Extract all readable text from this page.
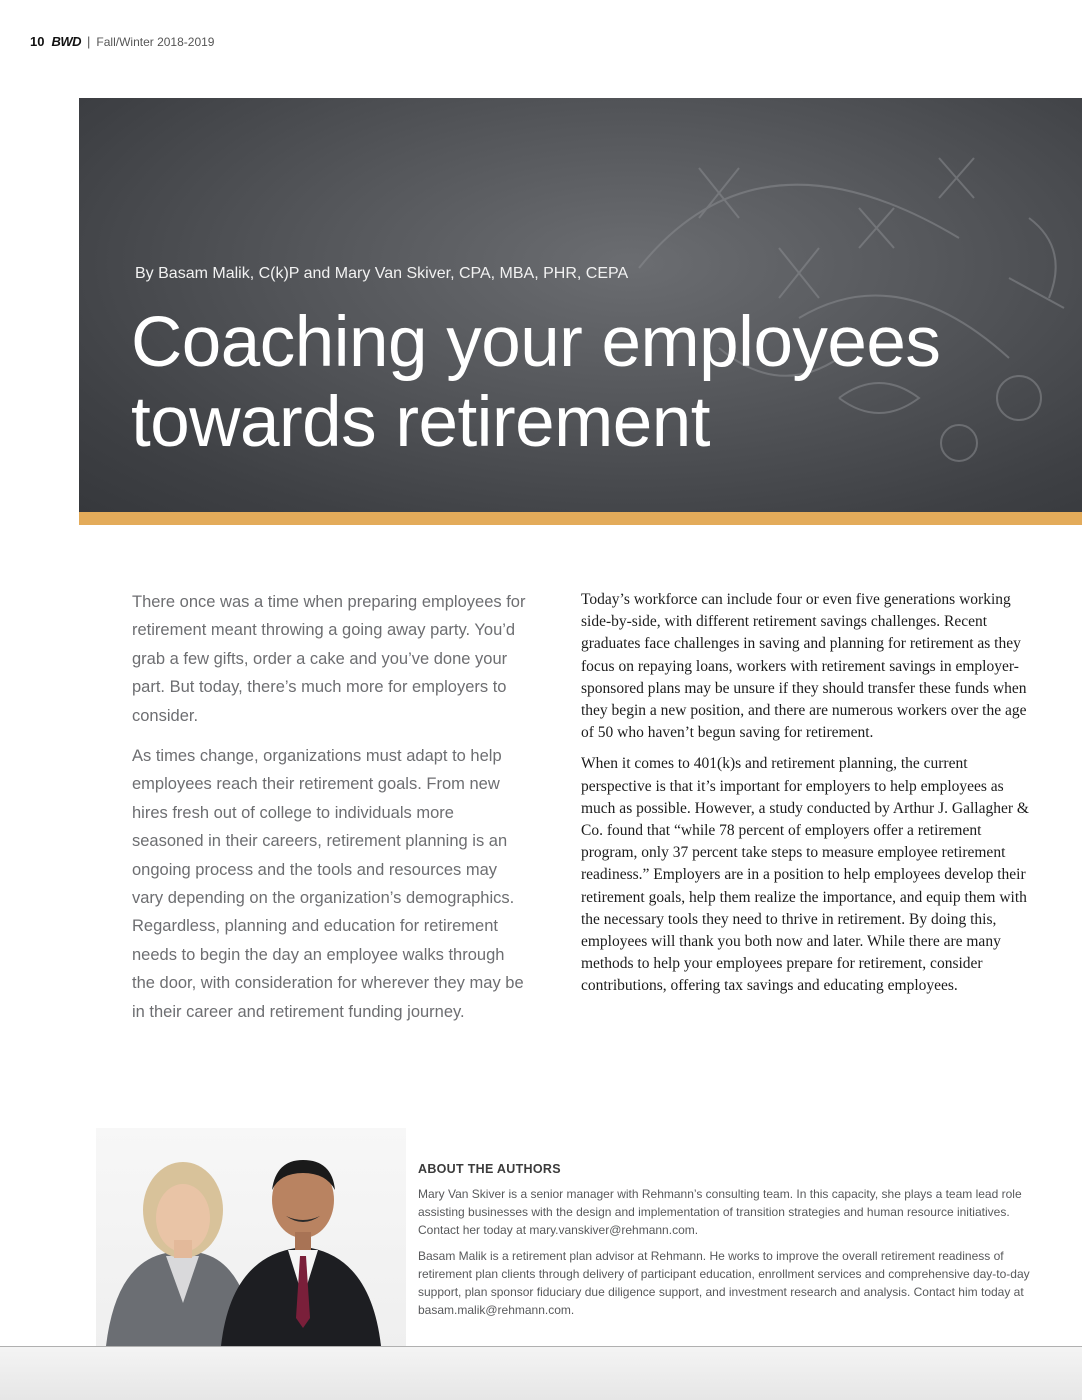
10 BWD | Fall/Winter 2018-2019
By Basam Malik, C(k)P and Mary Van Skiver, CPA, MBA, PHR, CEPA
Coaching your employees
towards retirement

There once was a time when preparing employees for retirement meant throwing a going away party. You’d grab a few gifts, order a cake and you’ve done your part. But today, there’s much more for employers to consider.

As times change, organizations must adapt to help employees reach their retirement goals. From new hires fresh out of college to individuals more seasoned in their careers, retirement planning is an ongoing process and the tools and resources may vary depending on the organization’s demographics. Regardless, planning and education for retirement needs to begin the day an employee walks through the door, with consideration for wherever they may be in their career and retirement funding journey.

Today’s workforce can include four or even five generations working side-by-side, with different retirement savings challenges. Recent graduates face challenges in saving and planning for retirement as they focus on repaying loans, workers with retirement savings in employer-sponsored plans may be unsure if they should transfer these funds when they begin a new position, and there are numerous workers over the age of 50 who haven’t begun saving for retirement.

When it comes to 401(k)s and retirement planning, the current perspective is that it’s important for employers to help employees as much as possible. However, a study conducted by Arthur J. Gallagher & Co. found that “while 78 percent of employers offer a retirement program, only 37 percent take steps to measure employee retirement readiness.” Employers are in a position to help employees develop their retirement goals, help them realize the importance, and equip them with the necessary tools they need to thrive in retirement. By doing this, employees will thank you both now and later. While there are many methods to help your employees prepare for retirement, consider contributions, offering tax savings and educating employees.

ABOUT THE AUTHORS

Mary Van Skiver is a senior manager with Rehmann’s consulting team. In this capacity, she plays a team lead role assisting businesses with the design and implementation of transition strategies and human resource initiatives. Contact her today at mary.vanskiver@rehmann.com.

Basam Malik is a retirement plan advisor at Rehmann. He works to improve the overall retirement readiness of retirement plan clients through delivery of participant education, enrollment services and comprehensive day-to-day support, plan sponsor fiduciary due diligence support, and investment research and analysis. Contact him today at basam.malik@rehmann.com.
